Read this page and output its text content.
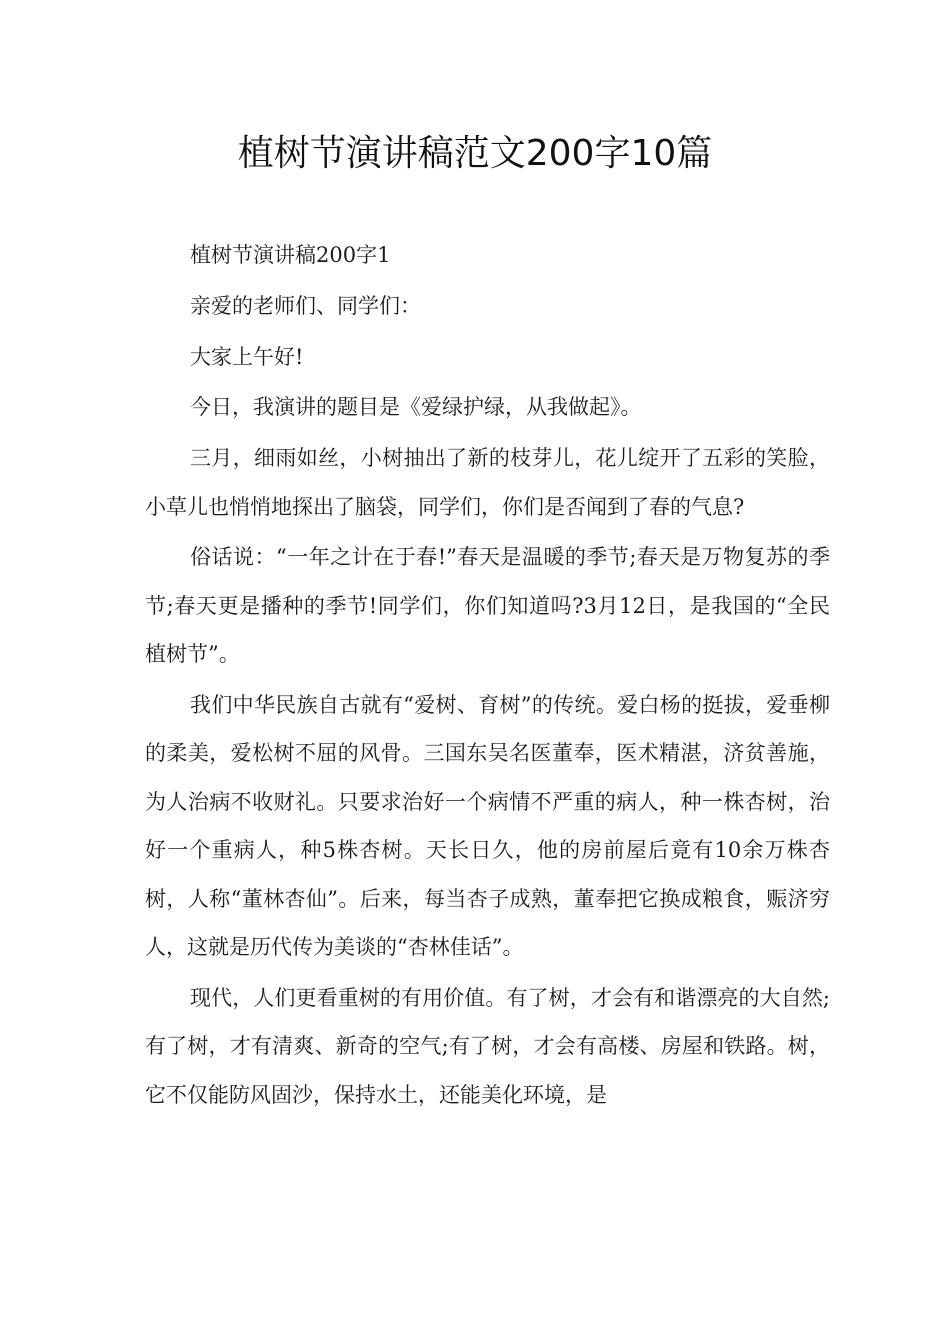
植树节演讲稿范文200字10篇

植树节演讲稿200字1

亲爱的老师们、同学们：

大家上午好!

今日，我演讲的题目是《爱绿护绿，从我做起》。

三月，细雨如丝，小树抽出了新的枝芽儿，花儿绽开了五彩的笑脸，小草儿也悄悄地探出了脑袋，同学们，你们是否闻到了春的气息?

俗话说：“一年之计在于春!”春天是温暖的季节;春天是万物复苏的季节;春天更是播种的季节!同学们，你们知道吗?3月12日，是我国的“全民植树节”。

我们中华民族自古就有“爱树、育树”的传统。爱白杨的挺拔，爱垂柳的柔美，爱松树不屈的风骨。三国东吴名医董奉，医术精湛，济贫善施，为人治病不收财礼。只要求治好一个病情不严重的病人，种一株杏树，治好一个重病人，种5株杏树。天长日久，他的房前屋后竟有10余万株杏树，人称“董林杏仙”。后来，每当杏子成熟，董奉把它换成粮食，赈济穷人，这就是历代传为美谈的“杏林佳话”。

现代，人们更看重树的有用价值。有了树，才会有和谐漂亮的大自然;有了树，才有清爽、新奇的空气;有了树，才会有高楼、房屋和铁路。树，它不仅能防风固沙，保持水土，还能美化环境，是
